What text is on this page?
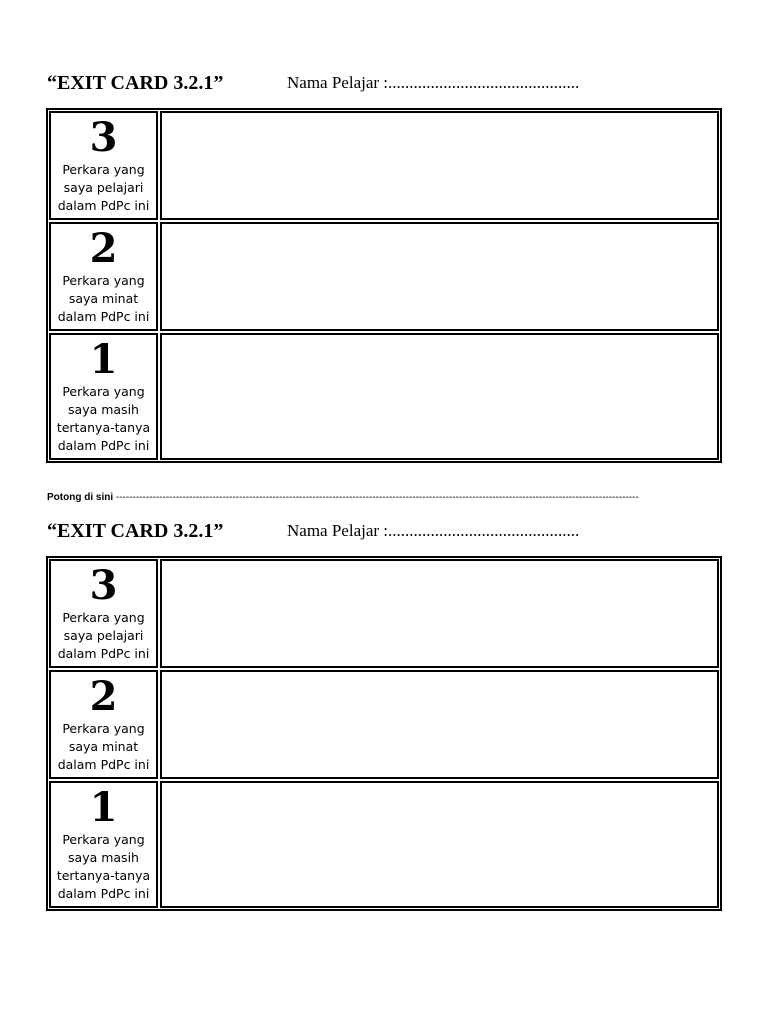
“EXIT CARD 3.2.1”	Nama Pelajar :.............................................
3
Perkara yang
saya pelajari
dalam PdPc ini
2
Perkara yang
saya minat
dalam PdPc ini
1
Perkara yang
saya masih
tertanya-tanya
dalam PdPc ini
Potong di sini -------------------------------------------------------------------------------------------------------------------------------------------------------------
“EXIT CARD 3.2.1”	Nama Pelajar :.............................................
3
Perkara yang
saya pelajari
dalam PdPc ini
2
Perkara yang
saya minat
dalam PdPc ini
1
Perkara yang
saya masih
tertanya-tanya
dalam PdPc ini
